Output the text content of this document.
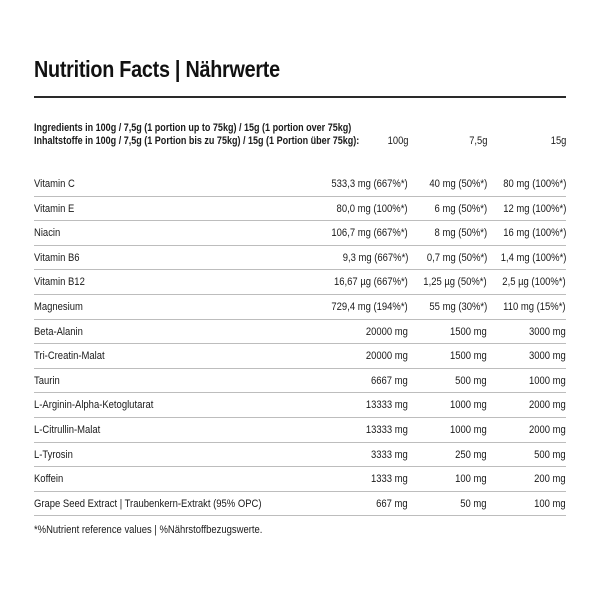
Nutrition Facts | Nährwerte
Ingredients in 100g / 7,5g (1 portion up to 75kg) / 15g (1 portion over 75kg)
Inhaltstoffe in 100g / 7,5g (1 Portion bis zu 75kg) / 15g (1 Portion über 75kg):	100g	7,5g	15g
Vitamin C	533,3 mg (667%*) 40 mg (50%*) 80 mg (100%*)
Vitamin E	80,0 mg (100%*) 6 mg (50%*) 12 mg (100%*)
Niacin	106,7 mg (667%*) 8 mg (50%*) 16 mg (100%*)
Vitamin B6	9,3 mg (667%*) 0,7 mg (50%*) 1,4 mg (100%*)
Vitamin B12	16,67 µg (667%*) 1,25 µg (50%*) 2,5 µg (100%*)
Magnesium	729,4 mg (194%*) 55 mg (30%*) 110 mg (15%*)
Beta-Alanin	20000 mg	1500 mg	3000 mg
Tri-Creatin-Malat	20000 mg	1500 mg	3000 mg
Taurin	6667 mg	500 mg	1000 mg
L-Arginin-Alpha-Ketoglutarat	13333 mg	1000 mg	2000 mg
L-Citrullin-Malat	13333 mg	1000 mg	2000 mg
L-Tyrosin	3333 mg	250 mg	500 mg
Koffein	1333 mg	100 mg	200 mg
Grape Seed Extract | Traubenkern-Extrakt (95% OPC)	667 mg	50 mg	100 mg
*%Nutrient reference values | %Nährstoffbezugswerte.
